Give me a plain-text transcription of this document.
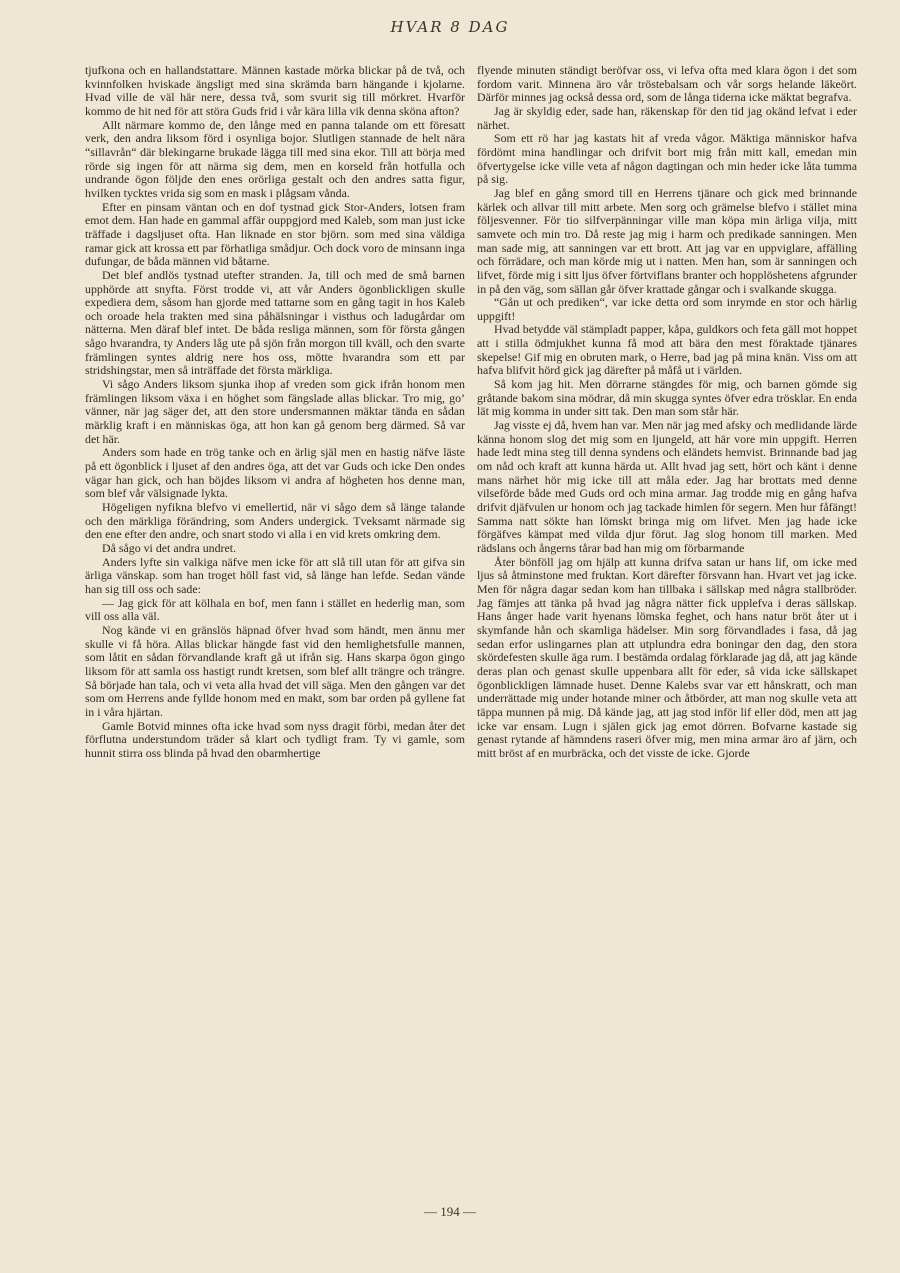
HVAR 8 DAG

tjufkona och en hallandstattare. Männen kastade mörka blickar på de två, och kvinnfolken hviskade ängsligt med sina skrämda barn hängande i kjolarne. Hvad ville de väl här nere, dessa två, som svurit sig till mörkret. Hvarför kommo de hit ned för att störa Guds frid i vår kära lilla vik denna sköna afton?

Allt närmare kommo de, den långe med en panna talande om ett föresatt verk, den andra liksom förd i osynliga bojor. Slutligen stannade de helt nära “sillavrån“ där blekingarne brukade lägga till med sina ekor. Till att börja med rörde sig ingen för att närma sig dem, men en korseld från hotfulla och undrande ögon följde den enes orörliga gestalt och den andres satta figur, hvilken tycktes vrida sig som en mask i plågsam vånda.

Efter en pinsam väntan och en dof tystnad gick Stor-Anders, lotsen fram emot dem. Han hade en gammal affär ouppgjord med Kaleb, som man just icke träffade i dagsljuset ofta. Han liknade en stor björn. som med sina väldiga ramar gick att krossa ett par förhatliga smådjur. Och dock voro de minsann inga dufungar, de båda männen vid båtarne.

Det blef andlös tystnad utefter stranden. Ja, till och med de små barnen upphörde att snyfta. Först trodde vi, att vår Anders ögonblickligen skulle expediera dem, såsom han gjorde med tattarne som en gång tagit in hos Kaleb och oroade hela trakten med sina påhälsningar i visthus och ladugårdar om nätterna. Men däraf blef intet. De båda resliga männen, som för första gången sågo hvarandra, ty Anders låg ute på sjön från morgon till kväll, och den svarte främlingen syntes aldrig nere hos oss, mötte hvarandra som ett par stridshingstar, men så inträffade det första märkliga.

Vi sågo Anders liksom sjunka ihop af vreden som gick ifrån honom men främlingen liksom växa i en höghet som fängslade allas blickar. Tro mig, go’ vänner, när jag säger det, att den store undersmannen mäktar tända en sådan märklig kraft i en människas öga, att hon kan gå genom berg därmed. Så var det här.

Anders som hade en trög tanke och en ärlig själ men en hastig näfve läste på ett ögonblick i ljuset af den andres öga, att det var Guds och icke Den ondes vägar han gick, och han böjdes liksom vi andra af högheten hos denne man, som blef vår välsignade lykta.

Högeligen nyfikna blefvo vi emellertid, när vi sågo dem så länge talande och den märkliga förändring, som Anders undergick. Tveksamt närmade sig den ene efter den andre, och snart stodo vi alla i en vid krets omkring dem.

Då sågo vi det andra undret.

Anders lyfte sin valkiga näfve men icke för att slå till utan för att gifva sin ärliga vänskap. som han troget höll fast vid, så länge han lefde. Sedan vände han sig till oss och sade:

— Jag gick för att kölhala en bof, men fann i stället en hederlig man, som vill oss alla väl.

Nog kände vi en gränslös häpnad öfver hvad som händt, men ännu mer skulle vi få höra. Allas blickar hängde fast vid den hemlighetsfulle mannen, som låtit en sådan förvandlande kraft gå ut ifrån sig. Hans skarpa ögon gingo liksom för att samla oss hastigt rundt kretsen, som blef allt trängre och trängre. Så började han tala, och vi veta alla hvad det vill säga. Men den gången var det som om Herrens ande fyllde honom med en makt, som bar orden på gyllene fat in i våra hjärtan.

Gamle Botvid minnes ofta icke hvad som nyss dragit förbi, medan åter det förflutna understundom träder så klart och tydligt fram. Ty vi gamle, som hunnit stirra oss blinda på hvad den obarmhertige

flyende minuten ständigt beröfvar oss, vi lefva ofta med klara ögon i det som fordom varit. Minnena äro vår tröstebalsam och vår sorgs helande läkeört. Därför minnes jag också dessa ord, som de långa tiderna icke mäktat begrafva.

Jag är skyldig eder, sade han, räkenskap för den tid jag okänd lefvat i eder närhet.

Som ett rö har jag kastats hit af vreda vågor. Mäktiga människor hafva fördömt mina handlingar och drifvit bort mig från mitt kall, emedan min öfvertygelse icke ville veta af någon dagtingan och min heder icke låta tumma på sig.

Jag blef en gång smord till en Herrens tjänare och gick med brinnande kärlek och allvar till mitt arbete. Men sorg och grämelse blefvo i stället mina följesvenner. För tio silfverpänningar ville man köpa min ärliga vilja, mitt samvete och min tro. Då reste jag mig i harm och predikade sanningen. Men man sade mig, att sanningen var ett brott. Att jag var en uppviglare, affälling och förrädare, och man körde mig ut i natten. Men han, som är sanningen och lifvet, förde mig i sitt ljus öfver förtviflans branter och hopplöshetens afgrunder in på den väg, som sällan går öfver krattade gångar och i svalkande skugga.

“Gån ut och prediken“, var icke detta ord som inrymde en stor och härlig uppgift!

Hvad betydde väl stämpladt papper, kåpa, guldkors och feta gäll mot hoppet att i stilla ödmjukhet kunna få mod att bära den mest föraktade tjänares skepelse! Gif mig en obruten mark, o Herre, bad jag på mina knän. Viss om att hafva blifvit hörd gick jag därefter på måfå ut i världen.

Så kom jag hit. Men dörrarne stängdes för mig, och barnen gömde sig gråtande bakom sina mödrar, då min skugga syntes öfver edra trösklar. En enda lät mig komma in under sitt tak. Den man som står här.

Jag visste ej då, hvem han var. Men när jag med afsky och medlidande lärde känna honom slog det mig som en ljungeld, att här vore min uppgift. Herren hade ledt mina steg till denna syndens och eländets hemvist. Brinnande bad jag om nåd och kraft att kunna härda ut. Allt hvad jag sett, hört och känt i denne mans närhet hör mig icke till att måla eder. Jag har brottats med denne vilseförde både med Guds ord och mina armar. Jag trodde mig en gång hafva drifvit djäfvulen ur honom och jag tackade himlen för segern. Men hur fåfängt! Samma natt sökte han lömskt bringa mig om lifvet. Men jag hade icke förgäfves kämpat med vilda djur förut. Jag slog honom till marken. Med rädslans och ångerns tårar bad han mig om förbarmande

Åter bönföll jag om hjälp att kunna drifva satan ur hans lif, om icke med ljus så åtminstone med fruktan. Kort därefter försvann han. Hvart vet jag icke. Men för några dagar sedan kom han tillbaka i sällskap med några stallbröder. Jag fämjes att tänka på hvad jag några nätter fick upplefva i deras sällskap. Hans ånger hade varit hyenans lömska feghet, och hans natur bröt åter ut i skymfande hån och skamliga hädelser. Min sorg förvandlades i fasa, då jag sedan erfor uslingarnes plan att utplundra edra boningar den dag, den stora skördefesten skulle äga rum. I bestämda ordalag förklarade jag då, att jag kände deras plan och genast skulle uppenbara allt för eder, så vida icke sällskapet ögonblickligen lämnade huset. Denne Kalebs svar var ett hånskratt, och man underrättade mig under hotande miner och åtbörder, att man nog skulle veta att täppa munnen på mig. Då kände jag, att jag stod inför lif eller död, men att jag icke var ensam. Lugn i själen gick jag emot dörren. Bofvarne kastade sig genast rytande af hämndens raseri öfver mig, men mina armar äro af järn, och mitt bröst af en murbräcka, och det visste de icke. Gjorde

— 194 —
